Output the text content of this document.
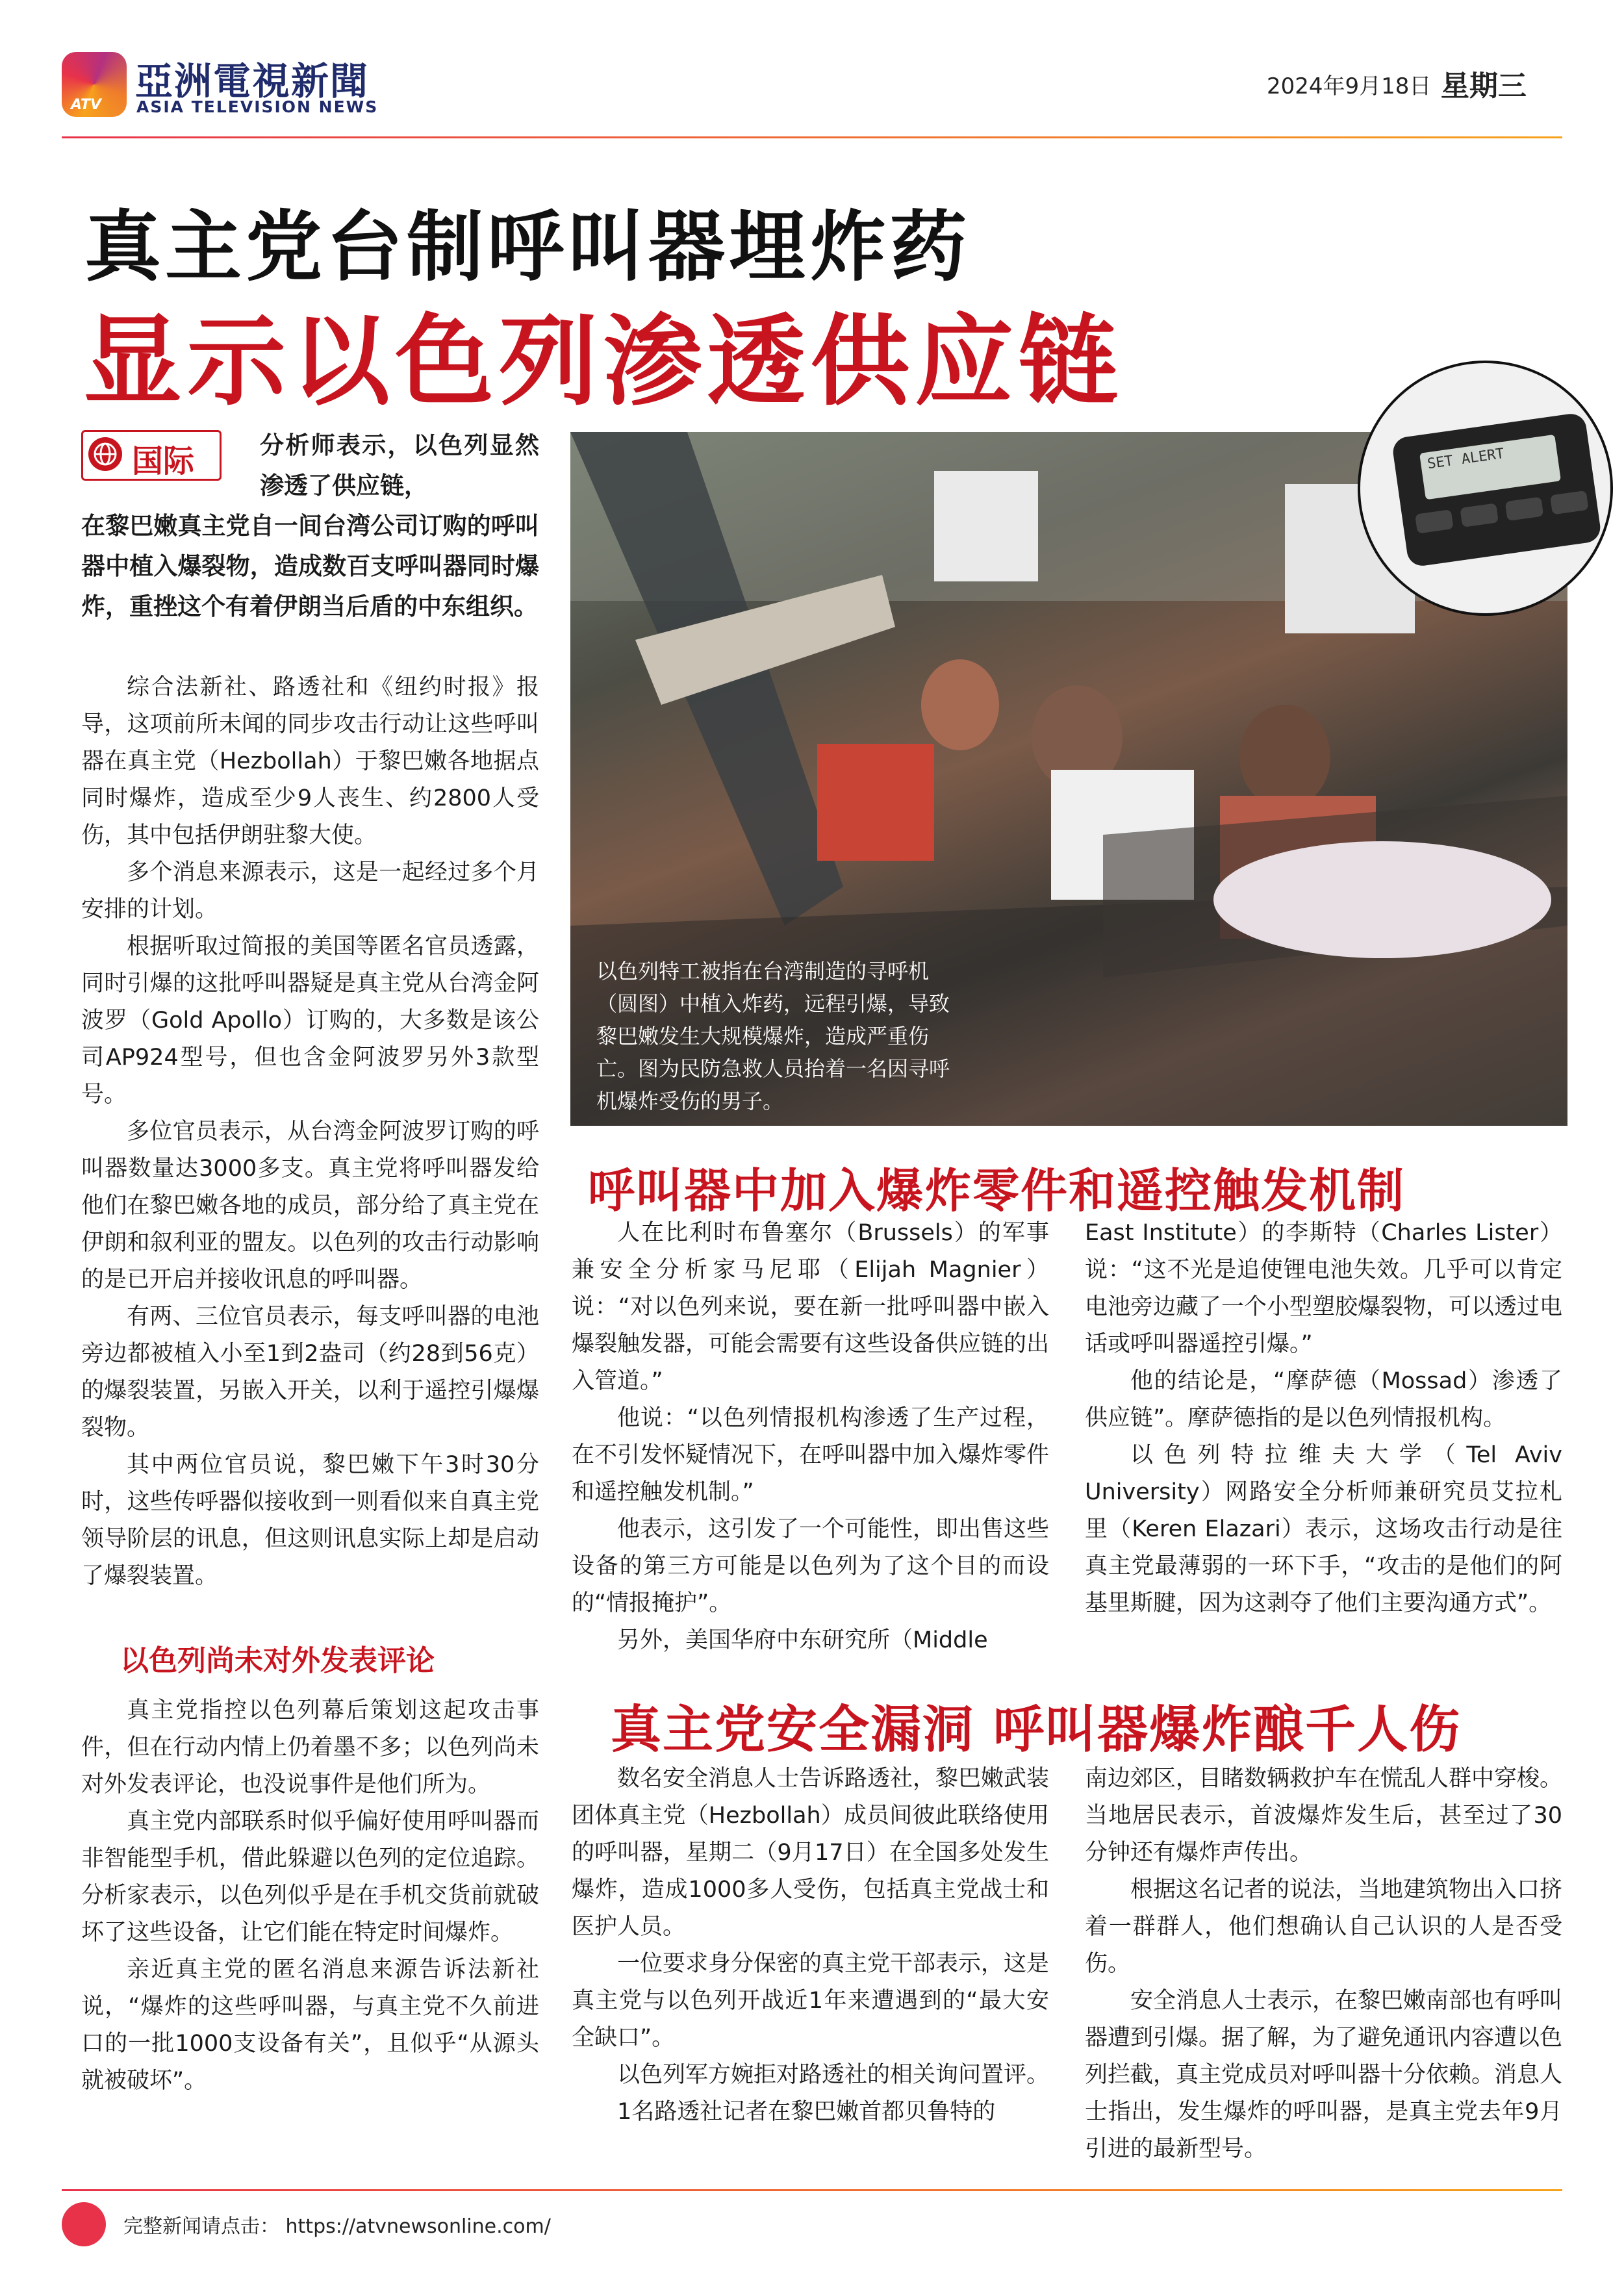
ATV
亞洲電視新聞
ASIA TELEVISION NEWS
2024年9月18日 星期三
真主党台制呼叫器埋炸药
显示以色列渗透供应链
国际	分析师表示，以色列显然渗透了供应链，
在黎巴嫩真主党自一间台湾公司订购的呼叫器中植入爆裂物，造成数百支呼叫器同时爆炸，重挫这个有着伊朗当后盾的中东组织。

综合法新社、路透社和《纽约时报》报导，这项前所未闻的同步攻击行动让这些呼叫器在真主党（Hezbollah）于黎巴嫩各地据点同时爆炸，造成至少9人丧生、约2800人受伤，其中包括伊朗驻黎大使。

多个消息来源表示，这是一起经过多个月安排的计划。

根据听取过简报的美国等匿名官员透露，同时引爆的这批呼叫器疑是真主党从台湾金阿波罗（Gold Apollo）订购的，大多数是该公司AP924型号，但也含金阿波罗另外3款型号。

多位官员表示，从台湾金阿波罗订购的呼叫器数量达3000多支。真主党将呼叫器发给他们在黎巴嫩各地的成员，部分给了真主党在伊朗和叙利亚的盟友。以色列的攻击行动影响的是已开启并接收讯息的呼叫器。

有两、三位官员表示，每支呼叫器的电池旁边都被植入小至1到2盎司（约28到56克）的爆裂装置，另嵌入开关，以利于遥控引爆爆裂物。

其中两位官员说，黎巴嫩下午3时30分时，这些传呼器似接收到一则看似来自真主党领导阶层的讯息，但这则讯息实际上却是启动了爆裂装置。

以色列尚未对外发表评论

真主党指控以色列幕后策划这起攻击事件，但在行动内情上仍着墨不多；以色列尚未对外发表评论，也没说事件是他们所为。

真主党内部联系时似乎偏好使用呼叫器而非智能型手机，借此躲避以色列的定位追踪。分析家表示，以色列似乎是在手机交货前就破坏了这些设备，让它们能在特定时间爆炸。

亲近真主党的匿名消息来源告诉法新社说，“爆炸的这些呼叫器，与真主党不久前进口的一批1000支设备有关”，且似乎“从源头就被破坏”。

以色列特工被指在台湾制造的寻呼机（圆图）中植入炸药，远程引爆，导致黎巴嫩发生大规模爆炸，造成严重伤亡。图为民防急救人员抬着一名因寻呼机爆炸受伤的男子。
SET ALERT
呼叫器中加入爆炸零件和遥控触发机制

人在比利时布鲁塞尔（Brussels）的军事兼安全分析家马尼耶（Elijah Magnier）说：“对以色列来说，要在新一批呼叫器中嵌入爆裂触发器，可能会需要有这些设备供应链的出入管道。”

他说：“以色列情报机构渗透了生产过程，在不引发怀疑情况下，在呼叫器中加入爆炸零件和遥控触发机制。”

他表示，这引发了一个可能性，即出售这些设备的第三方可能是以色列为了这个目的而设的“情报掩护”。

另外，美国华府中东研究所（Middle

East Institute）的李斯特（Charles Lister）说：“这不光是追使锂电池失效。几乎可以肯定电池旁边藏了一个小型塑胶爆裂物，可以透过电话或呼叫器遥控引爆。”

他的结论是，“摩萨德（Mossad）渗透了供应链”。摩萨德指的是以色列情报机构。

以色列特拉维夫大学（Tel Aviv University）网路安全分析师兼研究员艾拉札里（Keren Elazari）表示，这场攻击行动是往真主党最薄弱的一环下手，“攻击的是他们的阿基里斯腱，因为这剥夺了他们主要沟通方式”。

真主党安全漏洞 呼叫器爆炸酿千人伤

数名安全消息人士告诉路透社，黎巴嫩武装团体真主党（Hezbollah）成员间彼此联络使用的呼叫器，星期二（9月17日）在全国多处发生爆炸，造成1000多人受伤，包括真主党战士和医护人员。

一位要求身分保密的真主党干部表示，这是真主党与以色列开战近1年来遭遇到的“最大安全缺口”。

以色列军方婉拒对路透社的相关询问置评。

1名路透社记者在黎巴嫩首都贝鲁特的

南边郊区，目睹数辆救护车在慌乱人群中穿梭。当地居民表示，首波爆炸发生后，甚至过了30分钟还有爆炸声传出。

根据这名记者的说法，当地建筑物出入口挤着一群群人，他们想确认自己认识的人是否受伤。

安全消息人士表示，在黎巴嫩南部也有呼叫器遭到引爆。据了解，为了避免通讯内容遭以色列拦截，真主党成员对呼叫器十分依赖。消息人士指出，发生爆炸的呼叫器，是真主党去年9月引进的最新型号。

完整新闻请点击： https://atvnewsonline.com/
